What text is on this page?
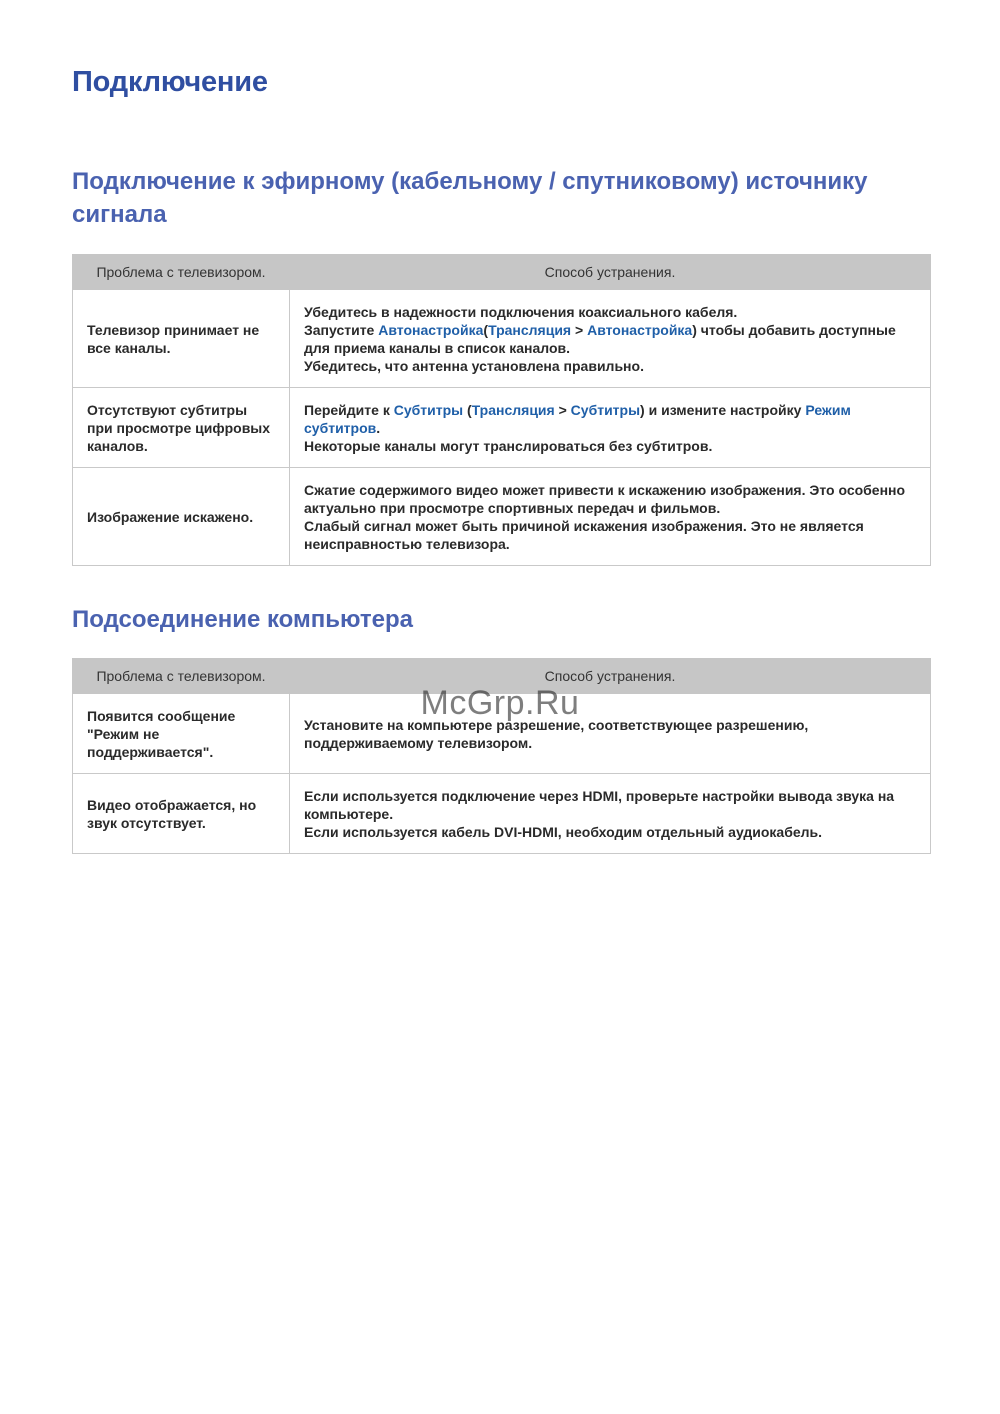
Подключение
Подключение к эфирному (кабельному / спутниковому) источнику сигнала
Проблема с телевизором.	Способ устранения.
Телевизор принимает не все каналы.	Убедитесь в надежности подключения коаксиального кабеля.
Запустите Автонастройка(Трансляция > Автонастройка) чтобы добавить доступные для приема каналы в список каналов.
Убедитесь, что антенна установлена правильно.

Отсутствуют субтитры при просмотре цифровых каналов.	Перейдите к Субтитры (Трансляция > Субтитры) и измените настройку Режим субтитров.
Некоторые каналы могут транслироваться без субтитров.

Изображение искажено.	Сжатие содержимого видео может привести к искажению изображения. Это особенно актуально при просмотре спортивных передач и фильмов.
Слабый сигнал может быть причиной искажения изображения. Это не является неисправностью телевизора.
Подсоединение компьютера
Проблема с телевизором.	Способ устранения.
Появится сообщение "Режим не поддерживается".	Установите на компьютере разрешение, соответствующее разрешению, поддерживаемому телевизором.

Видео отображается, но звук отсутствует.	Если используется подключение через HDMI, проверьте настройки вывода звука на компьютере.
Если используется кабель DVI-HDMI, необходим отдельный аудиокабель.
McGrp.Ru
